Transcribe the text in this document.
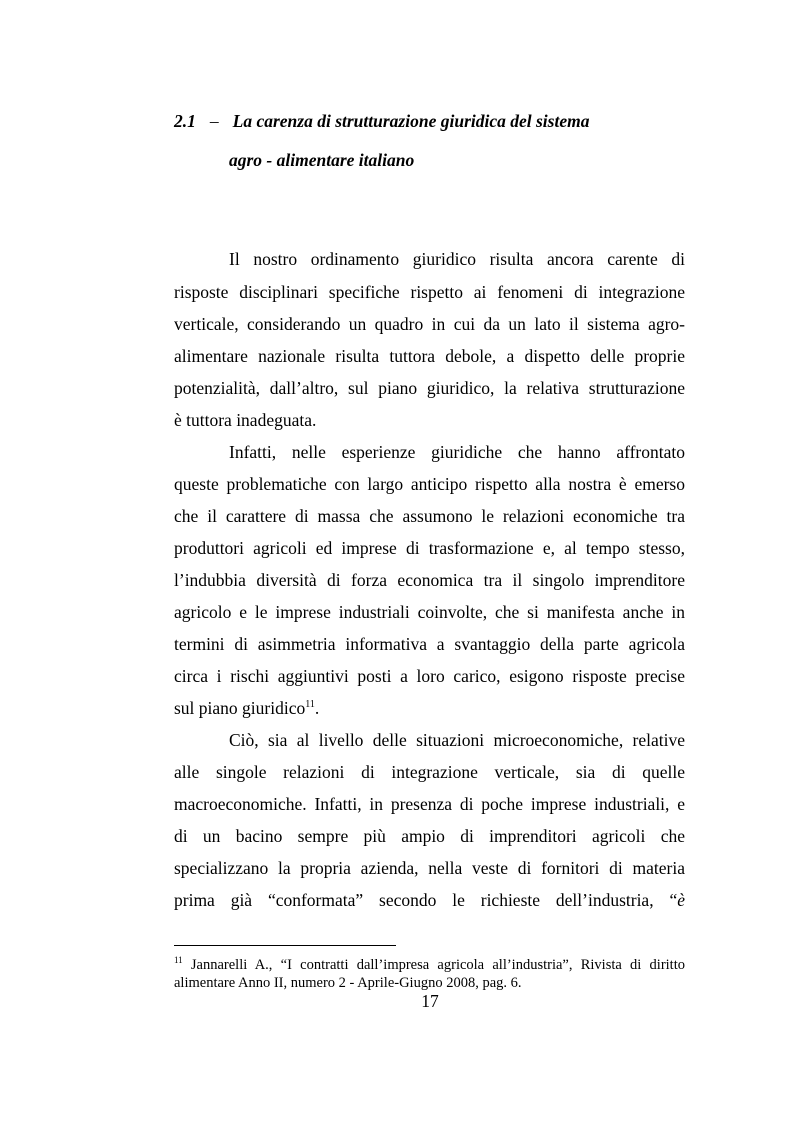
2.1 – La carenza di strutturazione giuridica del sistema
agro - alimentare italiano
Il nostro ordinamento giuridico risulta ancora carente di
risposte disciplinari specifiche rispetto ai fenomeni di integrazione
verticale, considerando un quadro in cui da un lato il sistema agro-
alimentare nazionale risulta tuttora debole, a dispetto delle proprie
potenzialità, dall’altro, sul piano giuridico, la relativa strutturazione
è tuttora inadeguata.
Infatti, nelle esperienze giuridiche che hanno affrontato
queste problematiche con largo anticipo rispetto alla nostra è emerso
che il carattere di massa che assumono le relazioni economiche tra
produttori agricoli ed imprese di trasformazione e, al tempo stesso,
l’indubbia diversità di forza economica tra il singolo imprenditore
agricolo e le imprese industriali coinvolte, che si manifesta anche in
termini di asimmetria informativa a svantaggio della parte agricola
circa i rischi aggiuntivi posti a loro carico, esigono risposte precise
sul piano giuridico$^{11}$.
Ciò, sia al livello delle situazioni microeconomiche, relative
alle singole relazioni di integrazione verticale, sia di quelle
macroeconomiche. Infatti, in presenza di poche imprese industriali, e
di un bacino sempre più ampio di imprenditori agricoli che
specializzano la propria azienda, nella veste di fornitori di materia
prima già “conformata” secondo le richieste dell’industria, “è
$^{11}$ Jannarelli A., “I contratti dall’impresa agricola all’industria”, Rivista di diritto
alimentare Anno II, numero 2 - Aprile-Giugno 2008, pag. 6.
17
